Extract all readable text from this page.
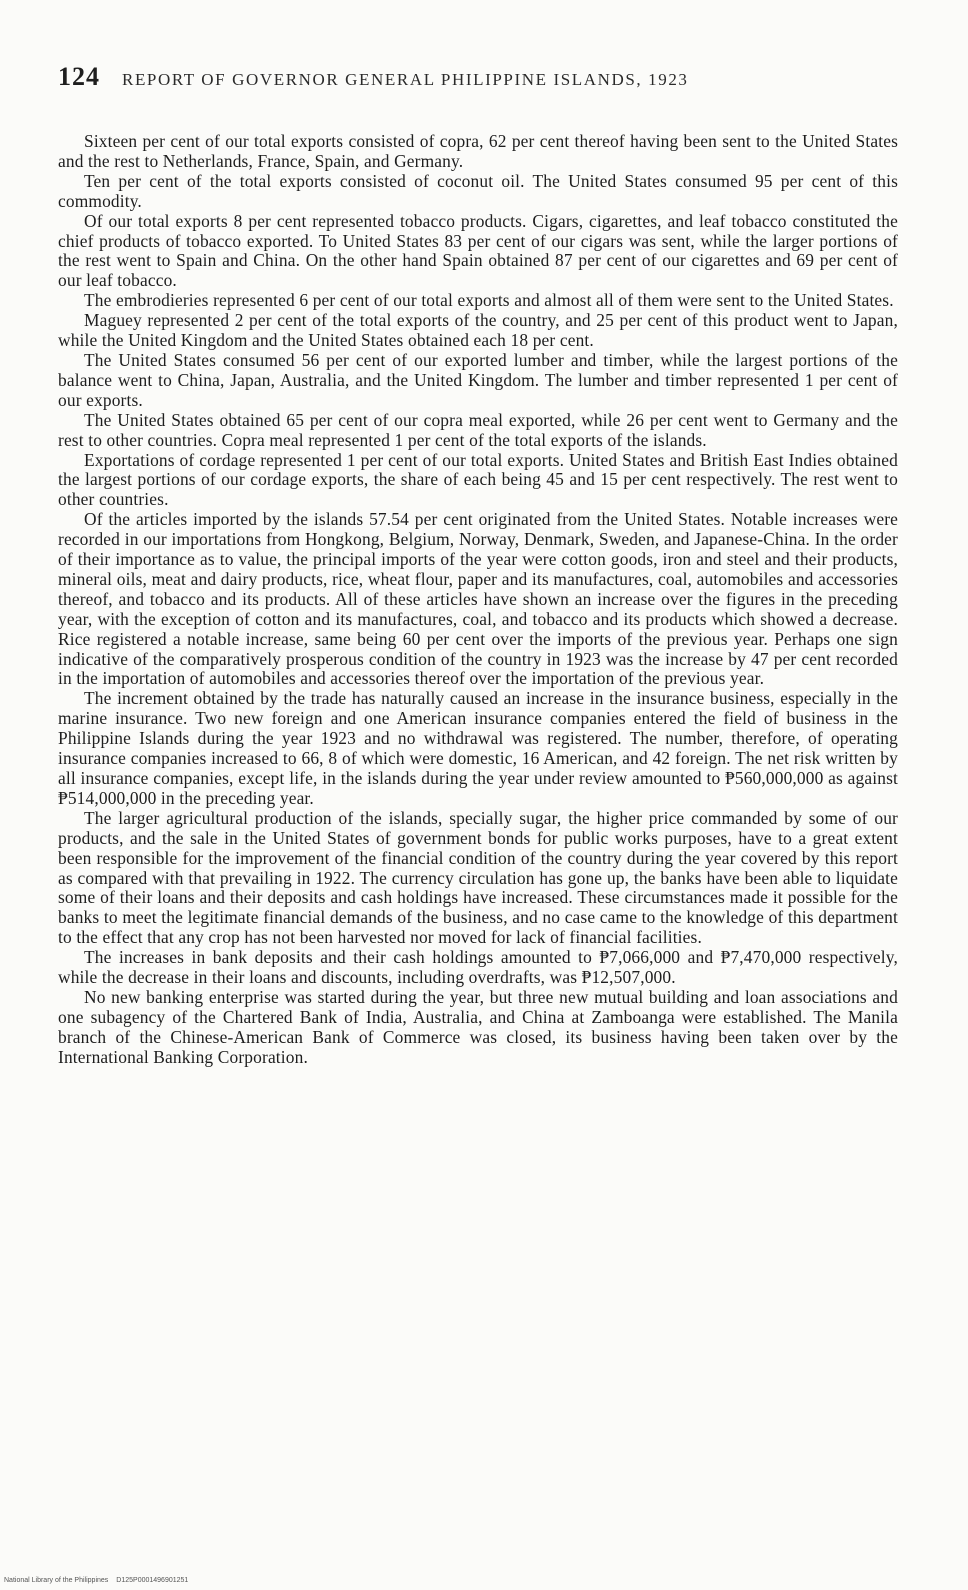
124 REPORT OF GOVERNOR GENERAL PHILIPPINE ISLANDS, 1923

Sixteen per cent of our total exports consisted of copra, 62 per cent thereof having been sent to the United States and the rest to Netherlands, France, Spain, and Germany.

Ten per cent of the total exports consisted of coconut oil. The United States consumed 95 per cent of this commodity.

Of our total exports 8 per cent represented tobacco products. Cigars, cigarettes, and leaf tobacco constituted the chief products of tobacco exported. To United States 83 per cent of our cigars was sent, while the larger portions of the rest went to Spain and China. On the other hand Spain obtained 87 per cent of our cigarettes and 69 per cent of our leaf tobacco.

The embrodieries represented 6 per cent of our total exports and almost all of them were sent to the United States.

Maguey represented 2 per cent of the total exports of the country, and 25 per cent of this product went to Japan, while the United Kingdom and the United States obtained each 18 per cent.

The United States consumed 56 per cent of our exported lumber and timber, while the largest portions of the balance went to China, Japan, Australia, and the United Kingdom. The lumber and timber represented 1 per cent of our exports.

The United States obtained 65 per cent of our copra meal exported, while 26 per cent went to Germany and the rest to other countries. Copra meal represented 1 per cent of the total exports of the islands.

Exportations of cordage represented 1 per cent of our total exports. United States and British East Indies obtained the largest portions of our cordage exports, the share of each being 45 and 15 per cent respectively. The rest went to other countries.

Of the articles imported by the islands 57.54 per cent originated from the United States. Notable increases were recorded in our importations from Hongkong, Belgium, Norway, Denmark, Sweden, and Japanese-China. In the order of their importance as to value, the principal imports of the year were cotton goods, iron and steel and their products, mineral oils, meat and dairy products, rice, wheat flour, paper and its manufactures, coal, automobiles and accessories thereof, and tobacco and its products. All of these articles have shown an increase over the figures in the preceding year, with the exception of cotton and its manufactures, coal, and tobacco and its products which showed a decrease. Rice registered a notable increase, same being 60 per cent over the imports of the previous year. Perhaps one sign indicative of the comparatively prosperous condition of the country in 1923 was the increase by 47 per cent recorded in the importation of automobiles and accessories thereof over the importation of the previous year.

The increment obtained by the trade has naturally caused an increase in the insurance business, especially in the marine insurance. Two new foreign and one American insurance companies entered the field of business in the Philippine Islands during the year 1923 and no withdrawal was registered. The number, therefore, of operating insurance companies increased to 66, 8 of which were domestic, 16 American, and 42 foreign. The net risk written by all insurance companies, except life, in the islands during the year under review amounted to ₱560,000,000 as against ₱514,000,000 in the preceding year.

The larger agricultural production of the islands, specially sugar, the higher price commanded by some of our products, and the sale in the United States of government bonds for public works purposes, have to a great extent been responsible for the improvement of the financial condition of the country during the year covered by this report as compared with that prevailing in 1922. The currency circulation has gone up, the banks have been able to liquidate some of their loans and their deposits and cash holdings have increased. These circumstances made it possible for the banks to meet the legitimate financial demands of the business, and no case came to the knowledge of this department to the effect that any crop has not been harvested nor moved for lack of financial facilities.

The increases in bank deposits and their cash holdings amounted to ₱7,066,000 and ₱7,470,000 respectively, while the decrease in their loans and discounts, including overdrafts, was ₱12,507,000.

No new banking enterprise was started during the year, but three new mutual building and loan associations and one subagency of the Chartered Bank of India, Australia, and China at Zamboanga were established. The Manila branch of the Chinese-American Bank of Commerce was closed, its business having been taken over by the International Banking Corporation.

National Library of the Philippines D125P0001496901251
